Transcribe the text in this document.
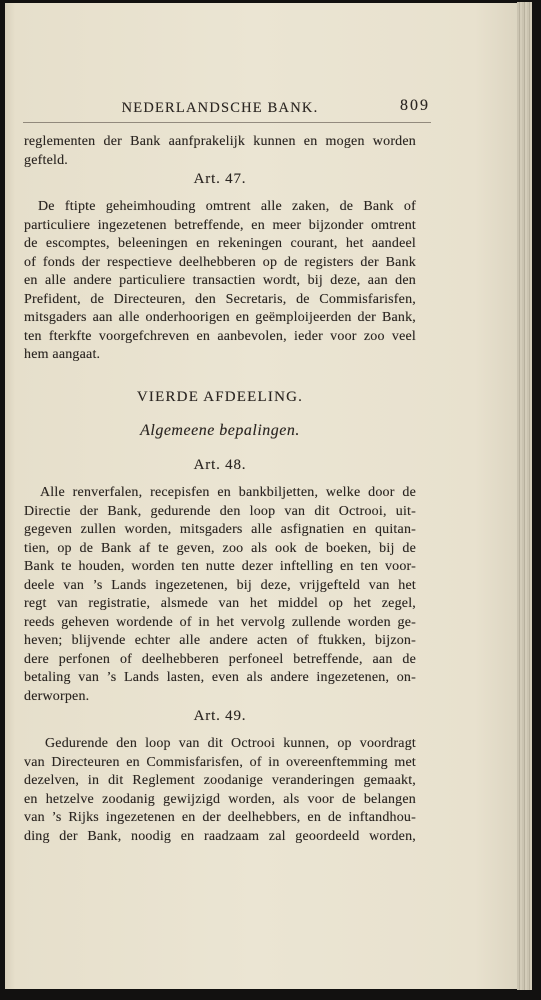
NEDERLANDSCHE BANK.	809
reglementen der Bank aanfprakelijk kunnen en mogen worden
gefteld.
Art. 47.
De ftipte geheimhouding omtrent alle zaken, de Bank of
particuliere ingezetenen betreffende, en meer bijzonder omtrent
de escomptes, beleeningen en rekeningen courant, het aandeel
of fonds der respectieve deelhebberen op de registers der Bank
en alle andere particuliere transactien wordt, bij deze, aan den
Prefident, de Directeuren, den Secretaris, de Commisfarisfen,
mitsgaders aan alle onderhoorigen en geëmploijeerden der Bank,
ten fterkfte voorgefchreven en aanbevolen, ieder voor zoo veel
hem aangaat.
VIERDE AFDEELING.
Algemeene bepalingen.
Art. 48.
Alle renverfalen, recepisfen en bankbiljetten, welke door de
Directie der Bank, gedurende den loop van dit Octrooi, uit-
gegeven zullen worden, mitsgaders alle asfignatien en quitan-
tien, op de Bank af te geven, zoo als ook de boeken, bij de
Bank te houden, worden ten nutte dezer inftelling en ten voor-
deele van ’s Lands ingezetenen, bij deze, vrijgefteld van het
regt van registratie, alsmede van het middel op het zegel,
reeds geheven wordende of in het vervolg zullende worden ge-
heven; blijvende echter alle andere acten of ftukken, bijzon-
dere perfonen of deelhebberen perfoneel betreffende, aan de
betaling van ’s Lands lasten, even als andere ingezetenen, on-
derworpen.
Art. 49.
Gedurende den loop van dit Octrooi kunnen, op voordragt
van Directeuren en Commisfarisfen, of in overeenftemming met
dezelven, in dit Reglement zoodanige veranderingen gemaakt,
en hetzelve zoodanig gewijzigd worden, als voor de belangen
van ’s Rijks ingezetenen en der deelhebbers, en de inftandhou-
ding der Bank, noodig en raadzaam zal geoordeeld worden,
